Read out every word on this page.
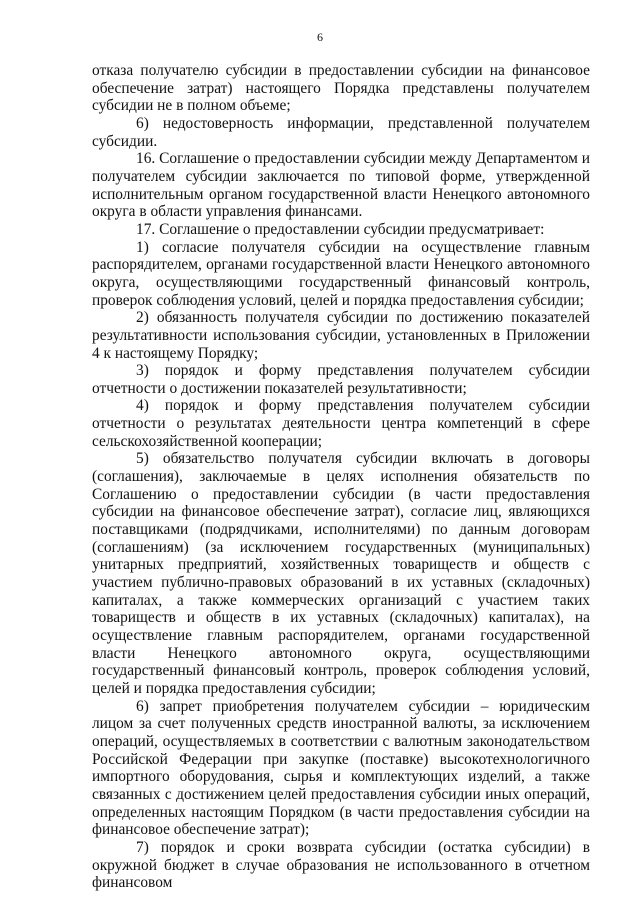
6

отказа получателю субсидии в предоставлении субсидии на финансовое обеспечение затрат) настоящего Порядка представлены получателем субсидии не в полном объеме;

6) недостоверность информации, представленной получателем субсидии.

16. Соглашение о предоставлении субсидии между Департаментом и получателем субсидии заключается по типовой форме, утвержденной исполнительным органом государственной власти Ненецкого автономного округа в области управления финансами.

17. Соглашение о предоставлении субсидии предусматривает:

1) согласие получателя субсидии на осуществление главным распорядителем, органами государственной власти Ненецкого автономного округа, осуществляющими государственный финансовый контроль, проверок соблюдения условий, целей и порядка предоставления субсидии;

2) обязанность получателя субсидии по достижению показателей результативности использования субсидии, установленных в Приложении 4 к настоящему Порядку;

3) порядок и форму представления получателем субсидии отчетности о достижении показателей результативности;

4) порядок и форму представления получателем субсидии отчетности о результатах деятельности центра компетенций в сфере сельскохозяйственной кооперации;

5) обязательство получателя субсидии включать в договоры (соглашения), заключаемые в целях исполнения обязательств по Соглашению о предоставлении субсидии (в части предоставления субсидии на финансовое обеспечение затрат), согласие лиц, являющихся поставщиками (подрядчиками, исполнителями) по данным договорам (соглашениям) (за исключением государственных (муниципальных) унитарных предприятий, хозяйственных товариществ и обществ с участием публично-правовых образований в их уставных (складочных) капиталах, а также коммерческих организаций с участием таких товариществ и обществ в их уставных (складочных) капиталах), на осуществление главным распорядителем, органами государственной власти Ненецкого автономного округа, осуществляющими государственный финансовый контроль, проверок соблюдения условий, целей и порядка предоставления субсидии;

6) запрет приобретения получателем субсидии – юридическим лицом за счет полученных средств иностранной валюты, за исключением операций, осуществляемых в соответствии с валютным законодательством Российской Федерации при закупке (поставке) высокотехнологичного импортного оборудования, сырья и комплектующих изделий, а также связанных с достижением целей предоставления субсидии иных операций, определенных настоящим Порядком (в части предоставления субсидии на финансовое обеспечение затрат);

7) порядок и сроки возврата субсидии (остатка субсидии) в окружной бюджет в случае образования не использованного в отчетном финансовом
